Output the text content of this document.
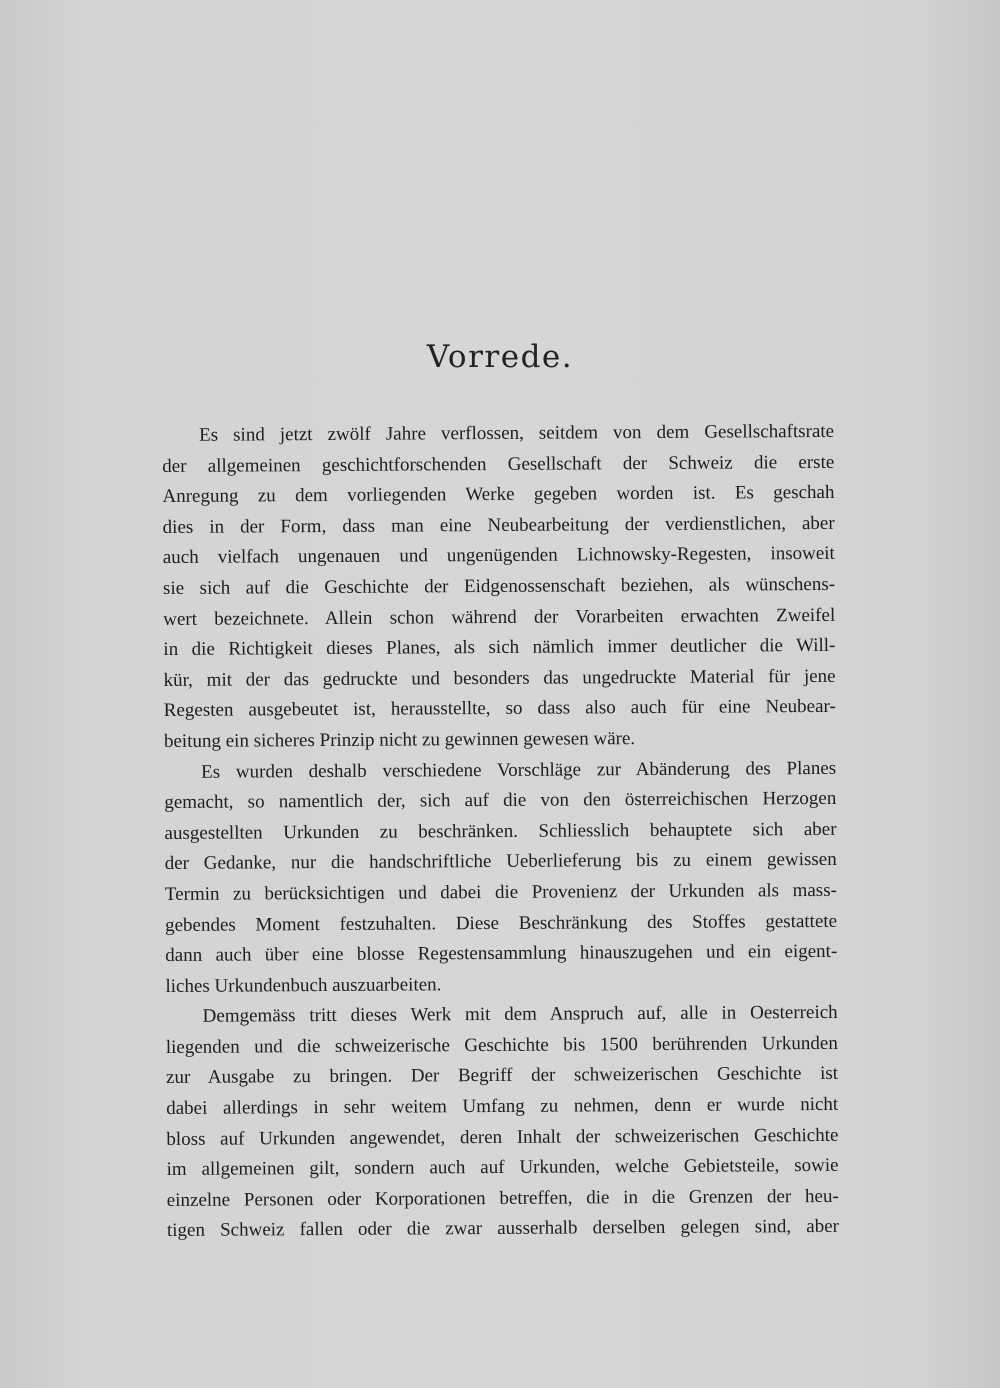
Vorrede.

Es sind jetzt zwölf Jahre verflossen, seitdem von dem Gesellschaftsrate
der allgemeinen geschichtforschenden Gesellschaft der Schweiz die erste
Anregung zu dem vorliegenden Werke gegeben worden ist. Es geschah
dies in der Form, dass man eine Neubearbeitung der verdienstlichen, aber
auch vielfach ungenauen und ungenügenden Lichnowsky-Regesten, insoweit
sie sich auf die Geschichte der Eidgenossenschaft beziehen, als wünschens-
wert bezeichnete. Allein schon während der Vorarbeiten erwachten Zweifel
in die Richtigkeit dieses Planes, als sich nämlich immer deutlicher die Will-
kür, mit der das gedruckte und besonders das ungedruckte Material für jene
Regesten ausgebeutet ist, herausstellte, so dass also auch für eine Neubear-
beitung ein sicheres Prinzip nicht zu gewinnen gewesen wäre.

Es wurden deshalb verschiedene Vorschläge zur Abänderung des Planes
gemacht, so namentlich der, sich auf die von den österreichischen Herzogen
ausgestellten Urkunden zu beschränken. Schliesslich behauptete sich aber
der Gedanke, nur die handschriftliche Ueberlieferung bis zu einem gewissen
Termin zu berücksichtigen und dabei die Provenienz der Urkunden als mass-
gebendes Moment festzuhalten. Diese Beschränkung des Stoffes gestattete
dann auch über eine blosse Regestensammlung hinauszugehen und ein eigent-
liches Urkundenbuch auszuarbeiten.

Demgemäss tritt dieses Werk mit dem Anspruch auf, alle in Oesterreich
liegenden und die schweizerische Geschichte bis 1500 berührenden Urkunden
zur Ausgabe zu bringen. Der Begriff der schweizerischen Geschichte ist
dabei allerdings in sehr weitem Umfang zu nehmen, denn er wurde nicht
bloss auf Urkunden angewendet, deren Inhalt der schweizerischen Geschichte
im allgemeinen gilt, sondern auch auf Urkunden, welche Gebietsteile, sowie
einzelne Personen oder Korporationen betreffen, die in die Grenzen der heu-
tigen Schweiz fallen oder die zwar ausserhalb derselben gelegen sind, aber
